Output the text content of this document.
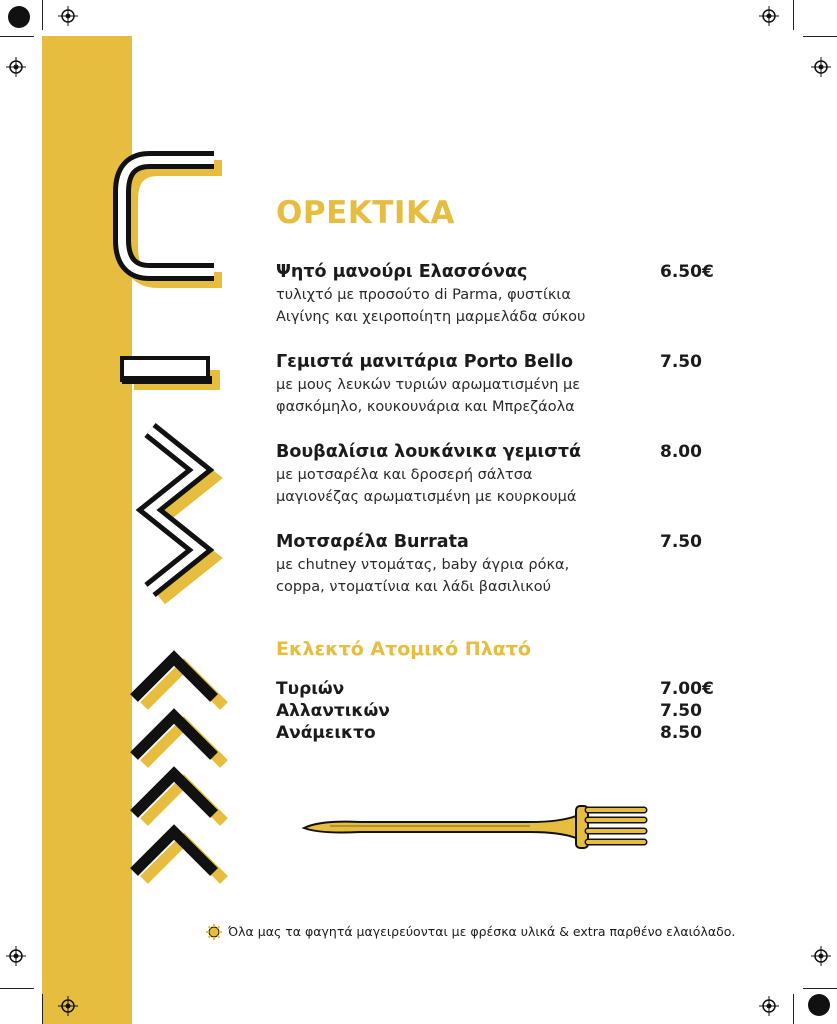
OPEKTIKA
Ψητό μανούρι Ελασσόνας	6.50€
τυλιχτό με προσούτο di Parma, φυστίκια
Αιγίνης και χειροποίητη μαρμελάδα σύκου
Γεμιστά μανιτάρια Porto Bello	7.50
με μους λευκών τυριών αρωματισμένη με
φασκόμηλο, κουκουνάρια και Μπρεζάολα
Βουβαλίσια λουκάνικα γεμιστά	8.00
με μοτσαρέλα και δροσερή σάλτσα
μαγιονέζας αρωματισμένη με κουρκουμά
Μοτσαρέλα Burrata	7.50
με chutney ντομάτας, baby άγρια ρόκα,
coppa, ντοματίνια και λάδι βασιλικού
Εκλεκτό Ατομικό Πλατό
Τυριών	7.00€
Αλλαντικών	7.50
Ανάμεικτο	8.50
Όλα μας τα φαγητά μαγειρεύονται με φρέσκα υλικά & extra παρθένο ελαιόλαδο.
